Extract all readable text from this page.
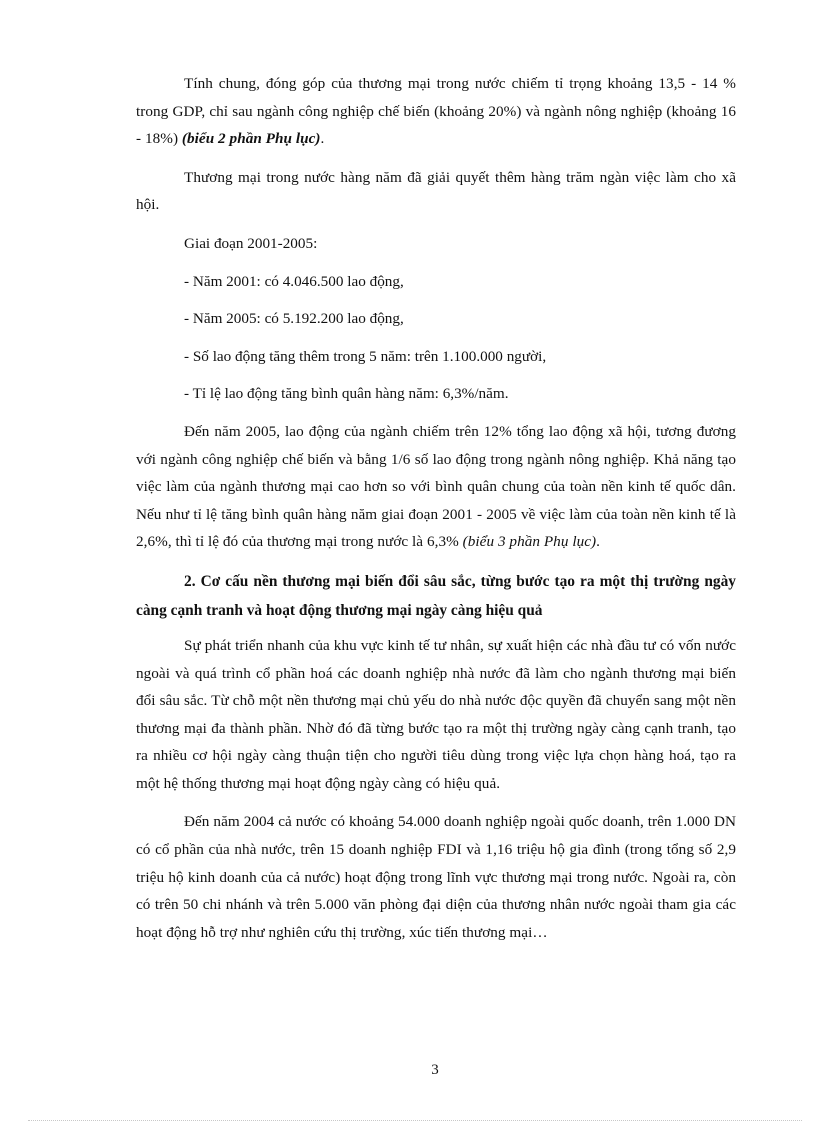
Tính chung, đóng góp của thương mại trong nước chiếm tỉ trọng khoảng 13,5 - 14 % trong GDP, chỉ sau ngành công nghiệp chế biến (khoảng 20%) và ngành nông nghiệp (khoảng 16 - 18%) (biểu 2 phần Phụ lục).

Thương mại trong nước hàng năm đã giải quyết thêm hàng trăm ngàn việc làm cho xã hội.

Giai đoạn 2001-2005:

- Năm 2001: có 4.046.500 lao động,

- Năm 2005: có 5.192.200 lao động,

- Số lao động tăng thêm trong 5 năm: trên 1.100.000 người,

- Tỉ lệ lao động tăng bình quân hàng năm: 6,3%/năm.

Đến năm 2005, lao động của ngành chiếm trên 12% tổng lao động xã hội, tương đương với ngành công nghiệp chế biến và bằng 1/6 số lao động trong ngành nông nghiệp. Khả năng tạo việc làm của ngành thương mại cao hơn so với bình quân chung của toàn nền kinh tế quốc dân. Nếu như tỉ lệ tăng bình quân hàng năm giai đoạn 2001 - 2005 về việc làm của toàn nền kinh tế là 2,6%, thì tỉ lệ đó của thương mại trong nước là 6,3% (biểu 3 phần Phụ lục).

2. Cơ cấu nền thương mại biến đổi sâu sắc, từng bước tạo ra một thị trường ngày càng cạnh tranh và hoạt động thương mại ngày càng hiệu quả

Sự phát triển nhanh của khu vực kinh tế tư nhân, sự xuất hiện các nhà đầu tư có vốn nước ngoài và quá trình cổ phần hoá các doanh nghiệp nhà nước đã làm cho ngành thương mại biến đổi sâu sắc. Từ chỗ một nền thương mại chủ yếu do nhà nước độc quyền đã chuyển sang một nền thương mại đa thành phần. Nhờ đó đã từng bước tạo ra một thị trường ngày càng cạnh tranh, tạo ra nhiều cơ hội ngày càng thuận tiện cho người tiêu dùng trong việc lựa chọn hàng hoá, tạo ra một hệ thống thương mại hoạt động ngày càng có hiệu quả.

Đến năm 2004 cả nước có khoảng 54.000 doanh nghiệp ngoài quốc doanh, trên 1.000 DN có cổ phần của nhà nước, trên 15 doanh nghiệp FDI và 1,16 triệu hộ gia đình (trong tổng số 2,9 triệu hộ kinh doanh của cả nước) hoạt động trong lĩnh vực thương mại trong nước. Ngoài ra, còn có trên 50 chi nhánh và trên 5.000 văn phòng đại diện của thương nhân nước ngoài tham gia các hoạt động hỗ trợ như nghiên cứu thị trường, xúc tiến thương mại…

3
